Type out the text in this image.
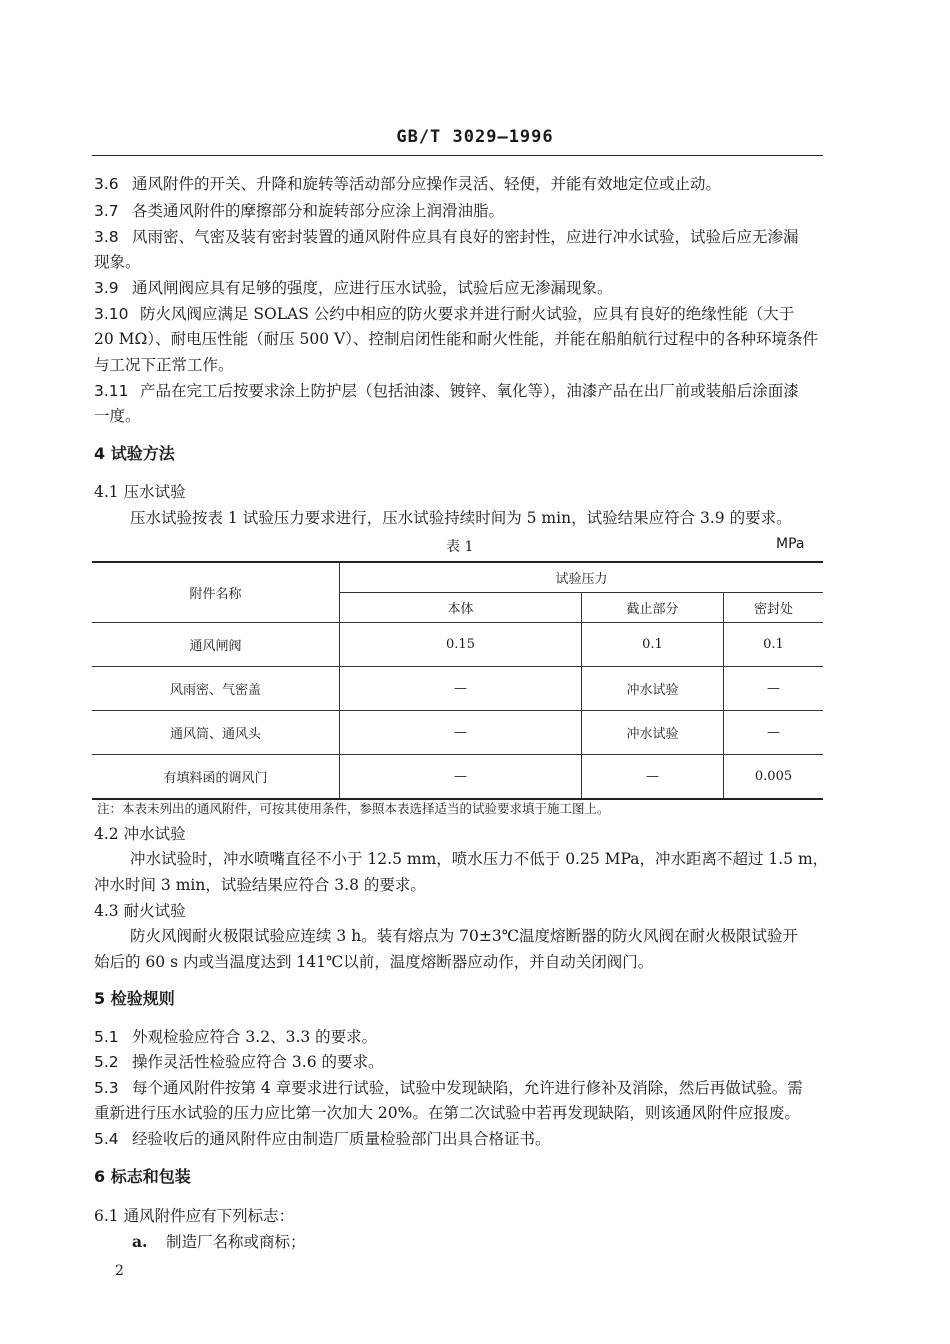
GB/T 3029—1996
3.6 通风附件的开关、升降和旋转等活动部分应操作灵活、轻便，并能有效地定位或止动。
3.7 各类通风附件的摩擦部分和旋转部分应涂上润滑油脂。
3.8 风雨密、气密及装有密封装置的通风附件应具有良好的密封性，应进行冲水试验，试验后应无渗漏
现象。
3.9 通风闸阀应具有足够的强度，应进行压水试验，试验后应无渗漏现象。
3.10 防火风阀应满足 SOLAS 公约中相应的防火要求并进行耐火试验，应具有良好的绝缘性能（大于
20 MΩ）、耐电压性能（耐压 500 V）、控制启闭性能和耐火性能，并能在船舶航行过程中的各种环境条件
与工况下正常工作。
3.11 产品在完工后按要求涂上防护层（包括油漆、镀锌、氧化等），油漆产品在出厂前或装船后涂面漆
一度。
4 试验方法
4.1 压水试验
压水试验按表 1 试验压力要求进行，压水试验持续时间为 5 min，试验结果应符合 3.9 的要求。
表 1	MPa
附件名称	试验压力		
	本体	截止部分	密封处
通风闸阀	0.15	0.1	0.1
风雨密、气密盖	—	冲水试验	—
通风筒、通风头	—	冲水试验	—
有填料函的调风门	—	—	0.005
注：本表未列出的通风附件，可按其使用条件，参照本表选择适当的试验要求填于施工图上。
4.2 冲水试验
冲水试验时，冲水喷嘴直径不小于 12.5 mm，喷水压力不低于 0.25 MPa，冲水距离不超过 1.5 m，
冲水时间 3 min，试验结果应符合 3.8 的要求。
4.3 耐火试验
防火风阀耐火极限试验应连续 3 h。装有熔点为 70±3℃温度熔断器的防火风阀在耐火极限试验开
始后的 60 s 内或当温度达到 141℃以前，温度熔断器应动作，并自动关闭阀门。
5 检验规则
5.1 外观检验应符合 3.2、3.3 的要求。
5.2 操作灵活性检验应符合 3.6 的要求。
5.3 每个通风附件按第 4 章要求进行试验，试验中发现缺陷，允许进行修补及消除，然后再做试验。需
重新进行压水试验的压力应比第一次加大 20%。在第二次试验中若再发现缺陷，则该通风附件应报废。
5.4 经验收后的通风附件应由制造厂质量检验部门出具合格证书。
6 标志和包装
6.1 通风附件应有下列标志：
a. 制造厂名称或商标；
2
